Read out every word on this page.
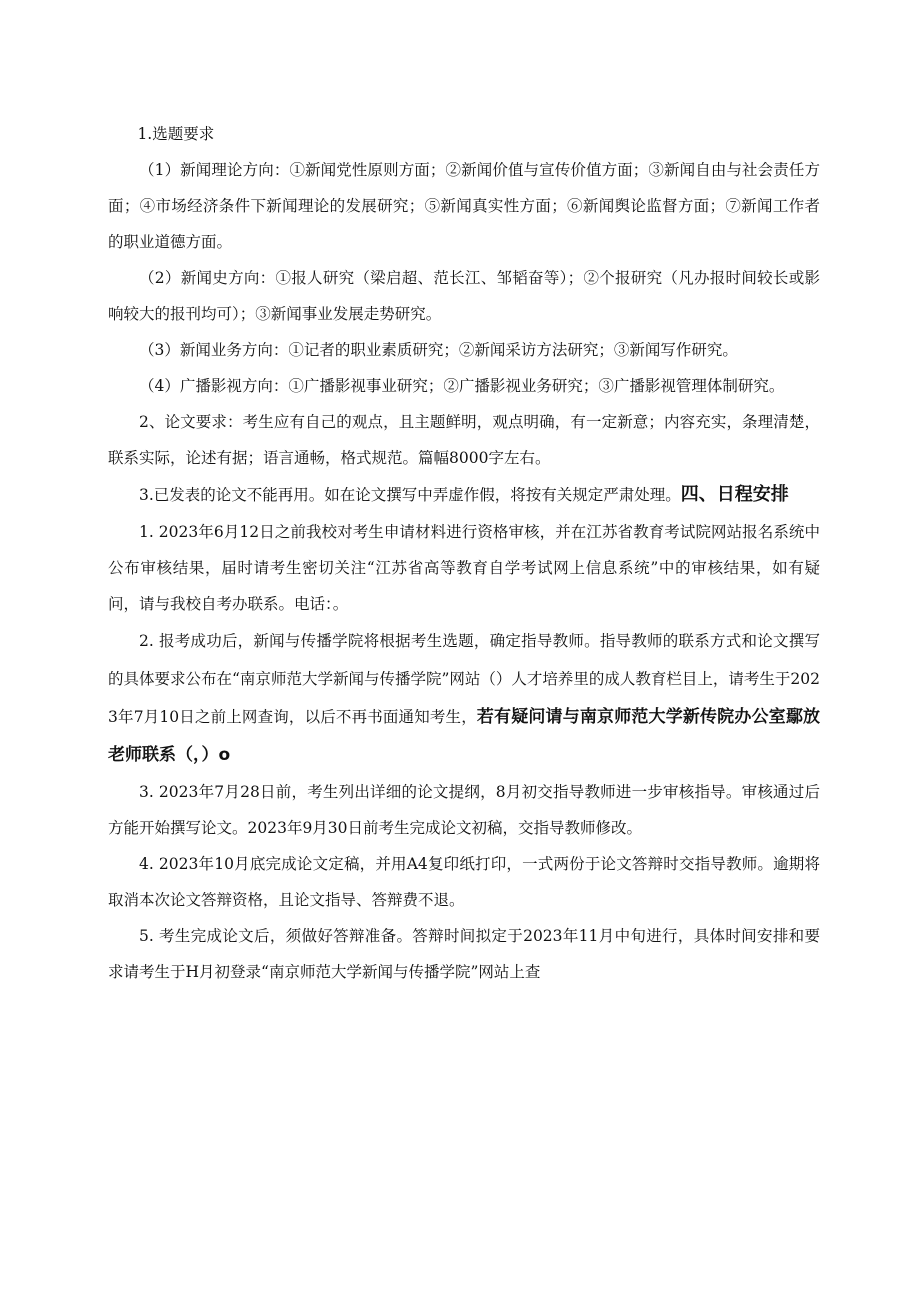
1.选题要求

（1）新闻理论方向：①新闻党性原则方面；②新闻价值与宣传价值方面；③新闻自由与社会责任方面；④市场经济条件下新闻理论的发展研究；⑤新闻真实性方面；⑥新闻舆论监督方面；⑦新闻工作者的职业道德方面。

（2）新闻史方向：①报人研究（梁启超、范长江、邹韬奋等）；②个报研究（凡办报时间较长或影响较大的报刊均可）；③新闻事业发展走势研究。

（3）新闻业务方向：①记者的职业素质研究；②新闻采访方法研究；③新闻写作研究。

（4）广播影视方向：①广播影视事业研究；②广播影视业务研究；③广播影视管理体制研究。

2、论文要求：考生应有自己的观点，且主题鲜明，观点明确，有一定新意；内容充实，条理清楚，联系实际，论述有据；语言通畅，格式规范。篇幅8000字左右。

3.已发表的论文不能再用。如在论文撰写中弄虚作假，将按有关规定严肃处理。四、日程安排

1. 2023年6月12日之前我校对考生申请材料进行资格审核，并在江苏省教育考试院网站报名系统中公布审核结果，届时请考生密切关注“江苏省高等教育自学考试网上信息系统”中的审核结果，如有疑问，请与我校自考办联系。电话：。

2. 报考成功后，新闻与传播学院将根据考生选题，确定指导教师。指导教师的联系方式和论文撰写的具体要求公布在“南京师范大学新闻与传播学院”网站（）人才培养里的成人教育栏目上，请考生于2023年7月10日之前上网查询，以后不再书面通知考生，若有疑问请与南京师范大学新传院办公室鄢放老师联系（，）o

3. 2023年7月28日前，考生列出详细的论文提纲，8月初交指导教师进一步审核指导。审核通过后方能开始撰写论文。2023年9月30日前考生完成论文初稿，交指导教师修改。

4. 2023年10月底完成论文定稿，并用A4复印纸打印，一式两份于论文答辩时交指导教师。逾期将取消本次论文答辩资格，且论文指导、答辩费不退。

5. 考生完成论文后，须做好答辩准备。答辩时间拟定于2023年11月中旬进行，具体时间安排和要求请考生于H月初登录“南京师范大学新闻与传播学院”网站上查
